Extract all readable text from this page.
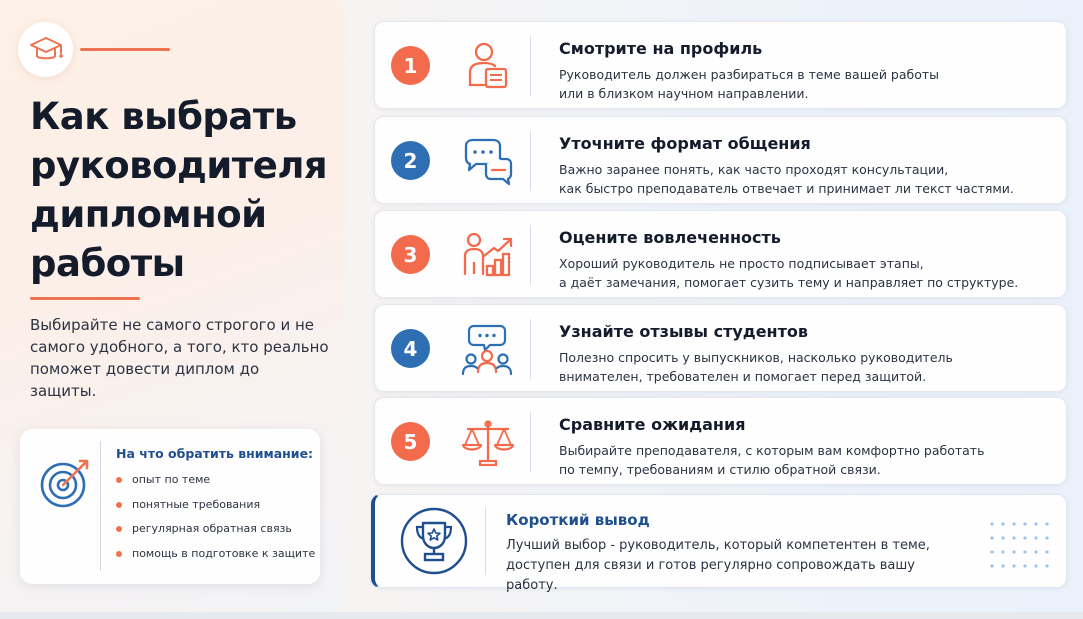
Как выбрать руководителя дипломной работы
Выбирайте не самого строгого и не самого удобного, а того, кто реально поможет довести диплом до защиты.
На что обратить внимание:
опыт по теме
понятные требования
регулярная обратная связь
помощь в подготовке к защите
1
Смотрите на профиль
Руководитель должен разбираться в теме вашей работы
или в близком научном направлении.
2
Уточните формат общения
Важно заранее понять, как часто проходят консультации,
как быстро преподаватель отвечает и принимает ли текст частями.
3
Оцените вовлеченность
Хороший руководитель не просто подписывает этапы,
а даёт замечания, помогает сузить тему и направляет по структуре.
4
Узнайте отзывы студентов
Полезно спросить у выпускников, насколько руководитель
внимателен, требователен и помогает перед защитой.
5
Сравните ожидания
Выбирайте преподавателя, с которым вам комфортно работать
по темпу, требованиям и стилю обратной связи.
Короткий вывод
Лучший выбор - руководитель, который компетентен в теме,
доступен для связи и готов регулярно сопровождать вашу работу.
